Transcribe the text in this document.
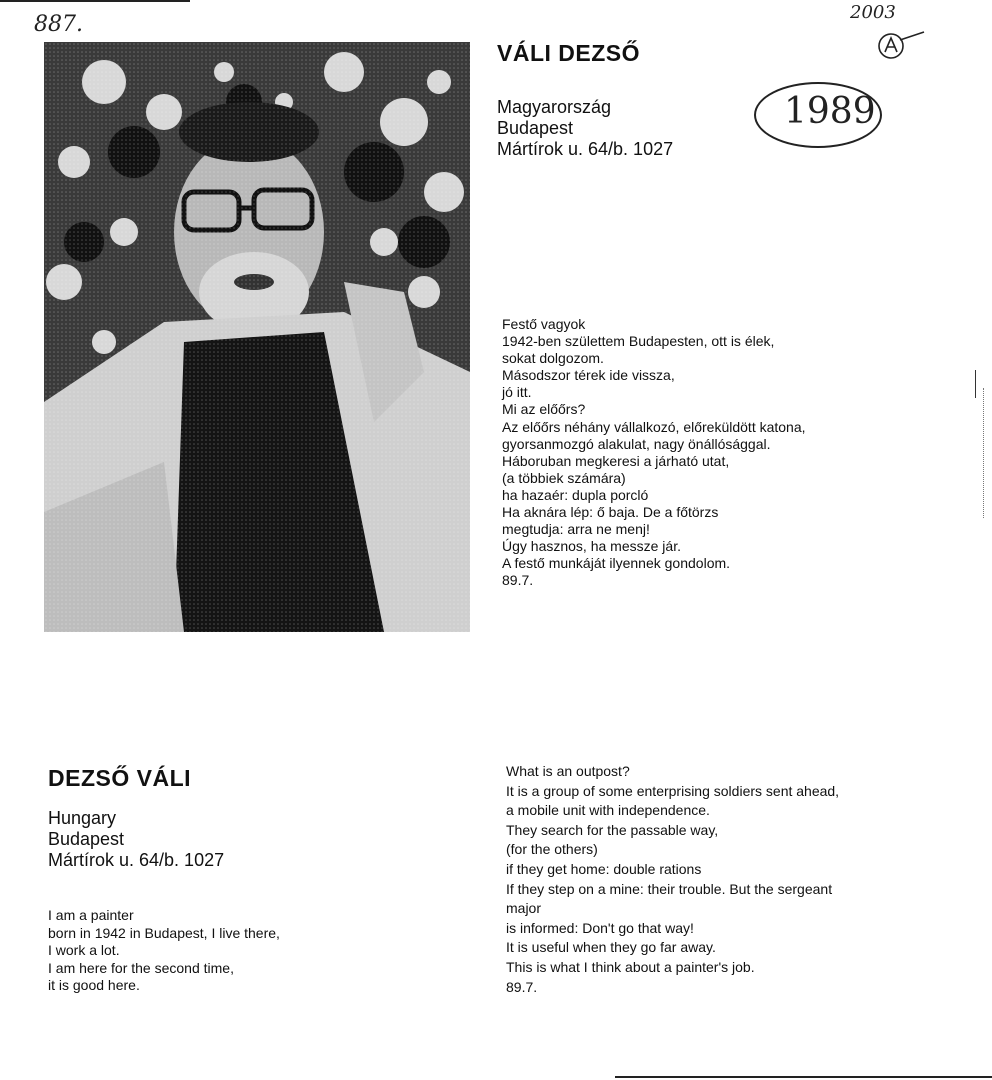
887.	2003
1989
VÁLI DEZSŐ
Magyarország
Budapest
Mártírok u. 64/b. 1027
Festő vagyok
1942-ben születtem Budapesten, ott is élek,
sokat dolgozom.
Másodszor térek ide vissza,
jó itt.
Mi az előőrs?
Az előőrs néhány vállalkozó, előreküldött katona,
gyorsanmozgó alakulat, nagy önállósággal.
Háboruban megkeresi a járható utat,
(a többiek számára)
ha hazaér: dupla porcló
Ha aknára lép: ő baja. De a főtörzs
megtudja: arra ne menj!
Úgy hasznos, ha messze jár.
A festő munkáját ilyennek gondolom.
89.7.
DEZSŐ VÁLI
Hungary
Budapest
Mártírok u. 64/b. 1027
I am a painter
born in 1942 in Budapest, I live there,
I work a lot.
I am here for the second time,
it is good here.
What is an outpost?
It is a group of some enterprising soldiers sent ahead,
a mobile unit with independence.
They search for the passable way,
(for the others)
if they get home: double rations
If they step on a mine: their trouble. But the sergeant
major
is informed: Don't go that way!
It is useful when they go far away.
This is what I think about a painter's job.
89.7.
